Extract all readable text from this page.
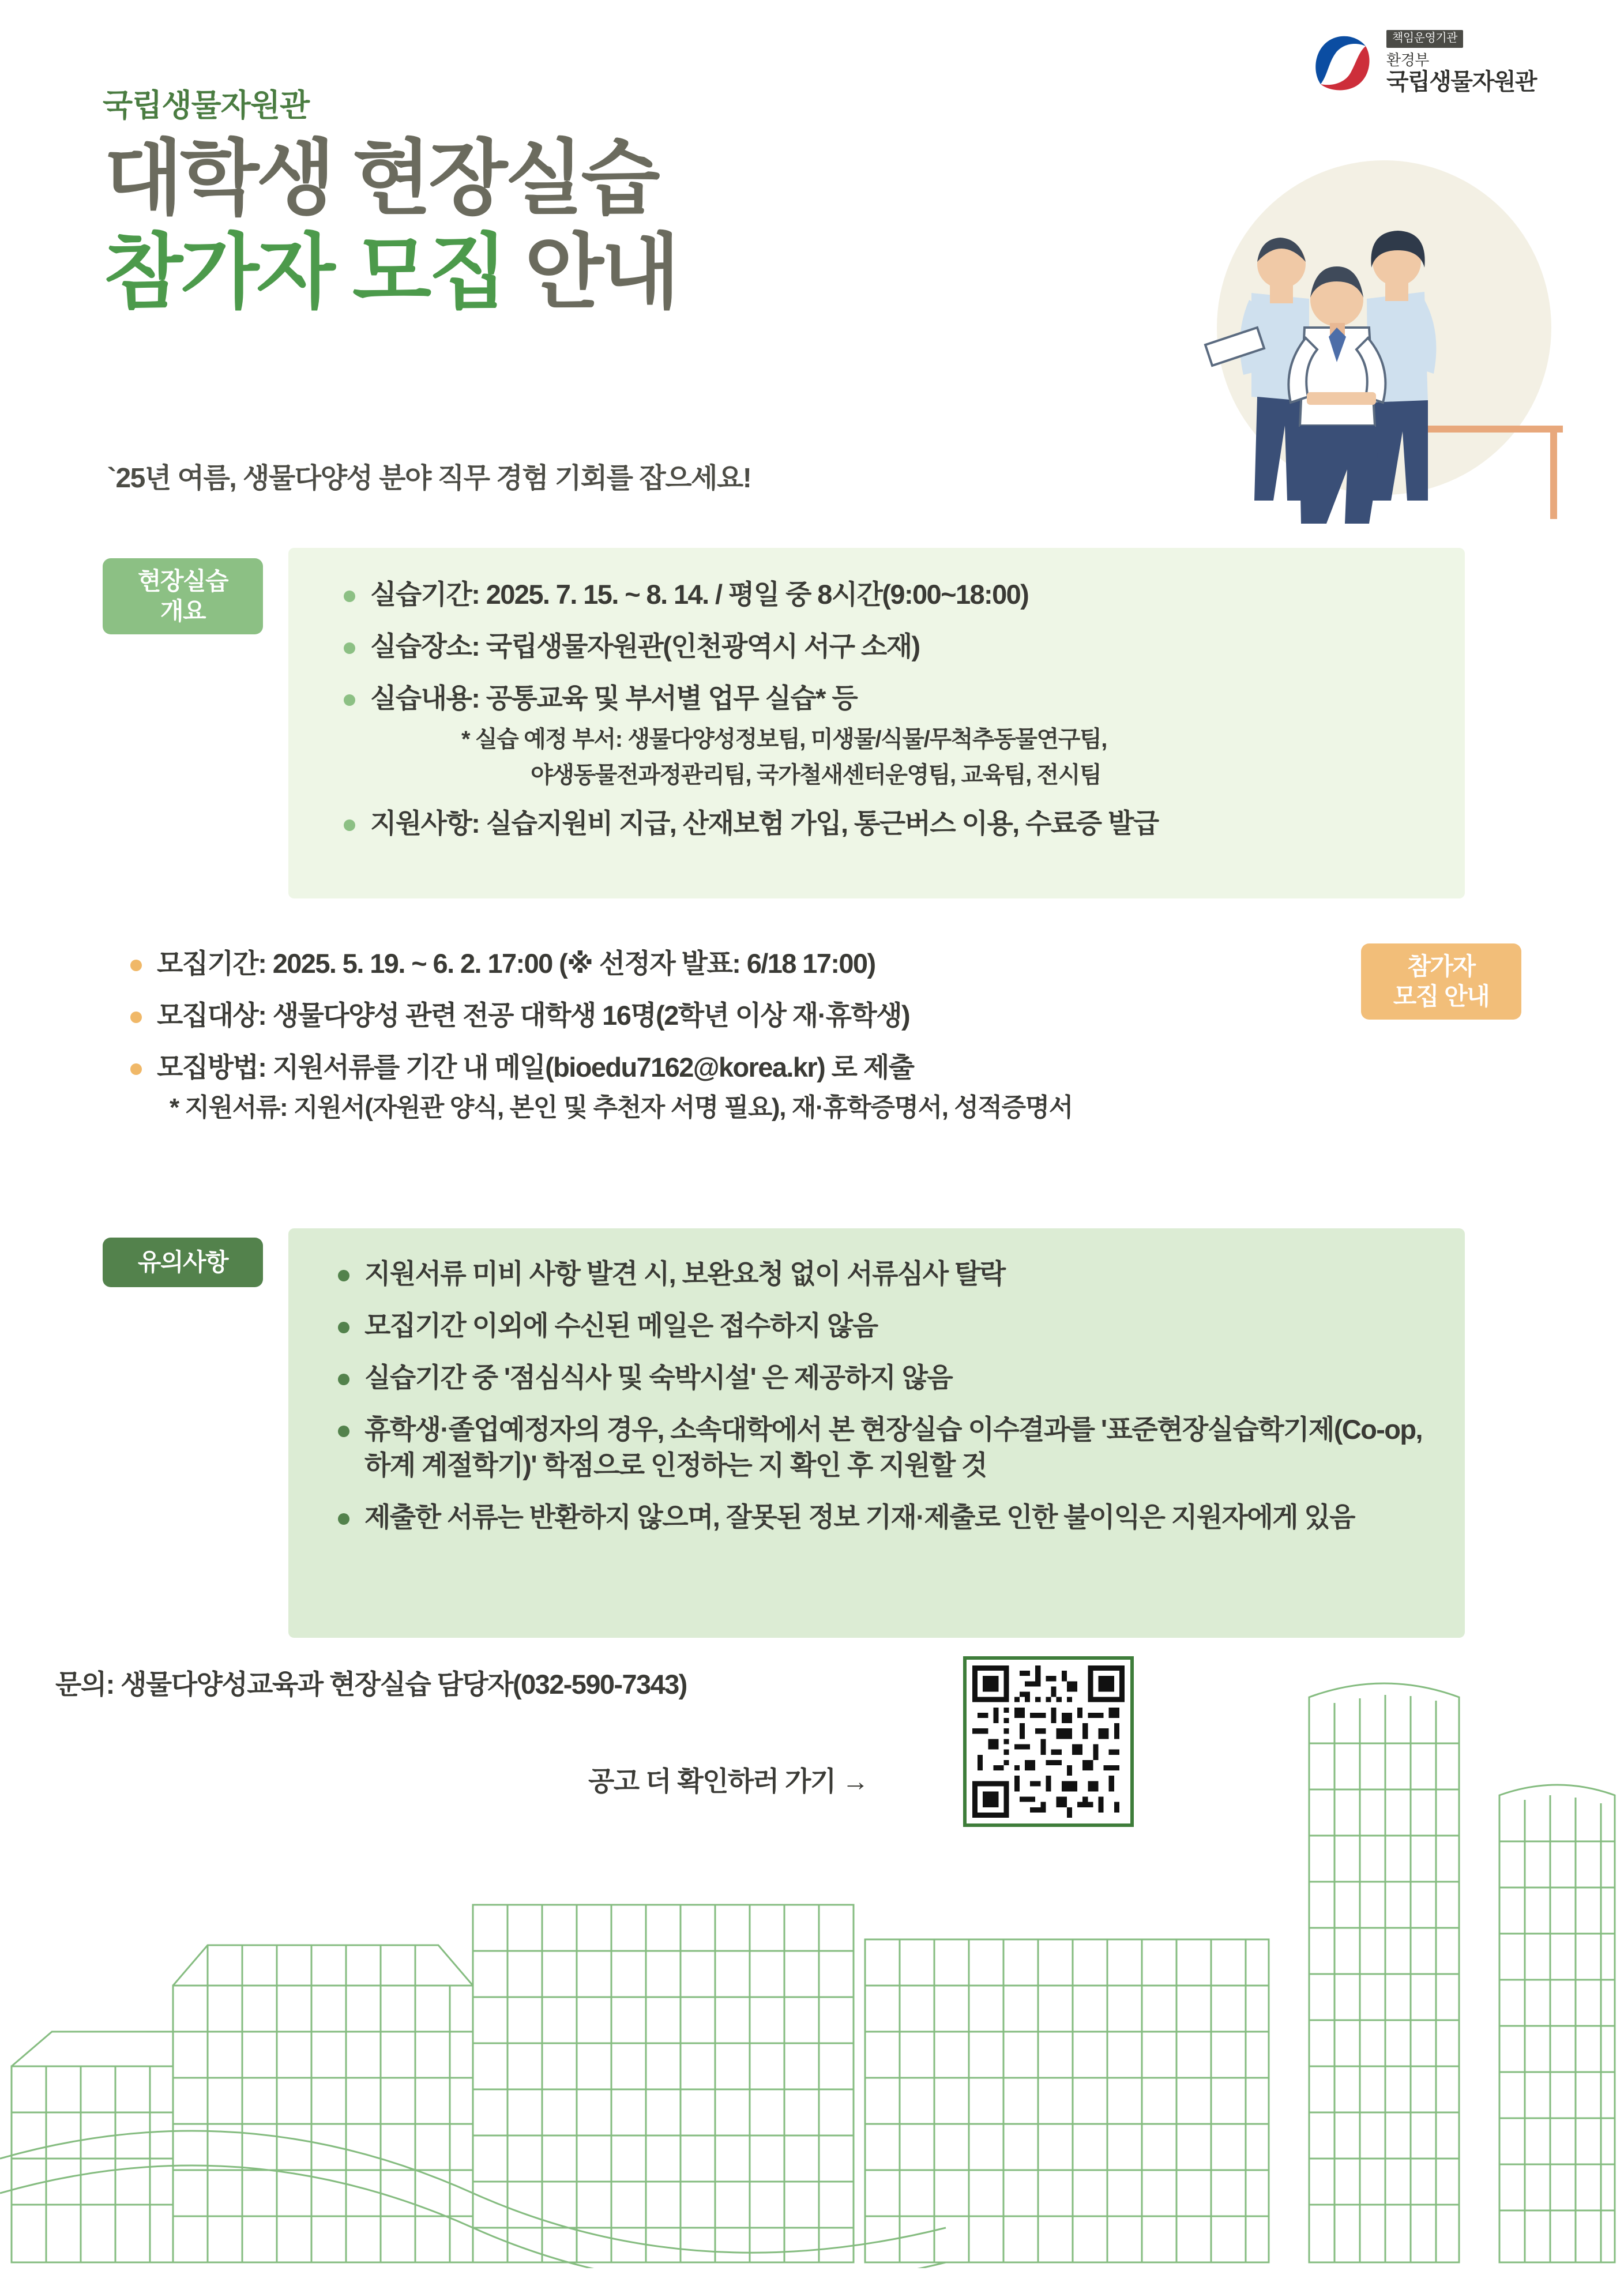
국립생물자원관
대학생 현장실습
참가자 모집 안내
`25년 여름, 생물다양성 분야 직무 경험 기회를 잡으세요!
책임운영기관
환경부
국립생물자원관
현장실습
개요
실습기간: 2025. 7. 15. ~ 8. 14. / 평일 중 8시간(9:00~18:00)
실습장소: 국립생물자원관(인천광역시 서구 소재)
실습내용: 공통교육 및 부서별 업무 실습* 등
* 실습 예정 부서: 생물다양성정보팀, 미생물/식물/무척추동물연구팀,
야생동물전과정관리팀, 국가철새센터운영팀, 교육팀, 전시팀
지원사항: 실습지원비 지급, 산재보험 가입, 통근버스 이용, 수료증 발급
참가자
모집 안내
모집기간: 2025. 5. 19. ~ 6. 2. 17:00 (※ 선정자 발표: 6/18 17:00)
모집대상: 생물다양성 관련 전공 대학생 16명(2학년 이상 재·휴학생)
모집방법: 지원서류를 기간 내 메일(bioedu7162@korea.kr) 로 제출
* 지원서류: 지원서(자원관 양식, 본인 및 추천자 서명 필요), 재·휴학증명서, 성적증명서
유의사항	지원서류 미비 사항 발견 시, 보완요청 없이 서류심사 탈락
모집기간 이외에 수신된 메일은 접수하지 않음
실습기간 중 '점심식사 및 숙박시설' 은 제공하지 않음
휴학생·졸업예정자의 경우, 소속대학에서 본 현장실습 이수결과를 '표준현장실습학기제(Co-op, 하계 계절학기)' 학점으로 인정하는 지 확인 후 지원할 것
제출한 서류는 반환하지 않으며, 잘못된 정보 기재·제출로 인한 불이익은 지원자에게 있음
문의: 생물다양성교육과 현장실습 담당자(032-590-7343)
공고 더 확인하러 가기 →
